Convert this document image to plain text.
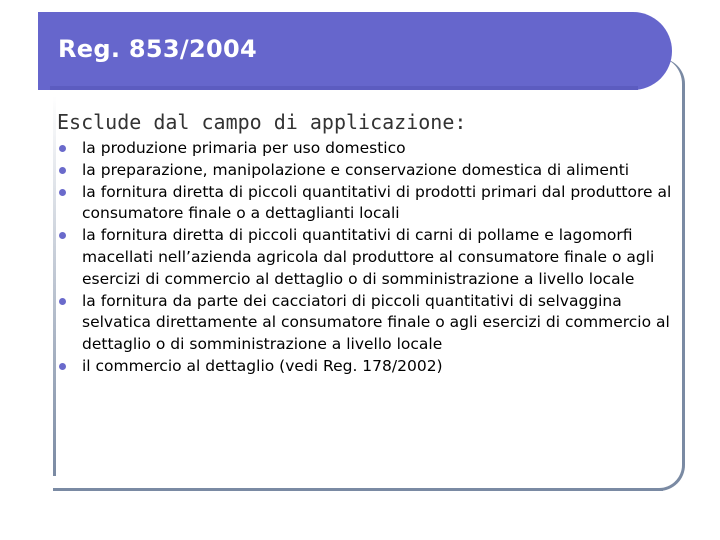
Reg. 853/2004
Esclude dal campo di applicazione:
la produzione primaria per uso domestico
la preparazione, manipolazione e conservazione domestica di alimenti
la fornitura diretta di piccoli quantitativi di prodotti primari dal produttore al consumatore finale o a dettaglianti locali
la fornitura diretta di piccoli quantitativi di carni di pollame e lagomorfi macellati nell’azienda agricola dal produttore al consumatore finale o agli esercizi di commercio al dettaglio o di somministrazione a livello locale
la fornitura da parte dei cacciatori di piccoli quantitativi di selvaggina selvatica direttamente al consumatore finale o agli esercizi di commercio al dettaglio o di somministrazione a livello locale
il commercio al dettaglio (vedi Reg. 178/2002)
